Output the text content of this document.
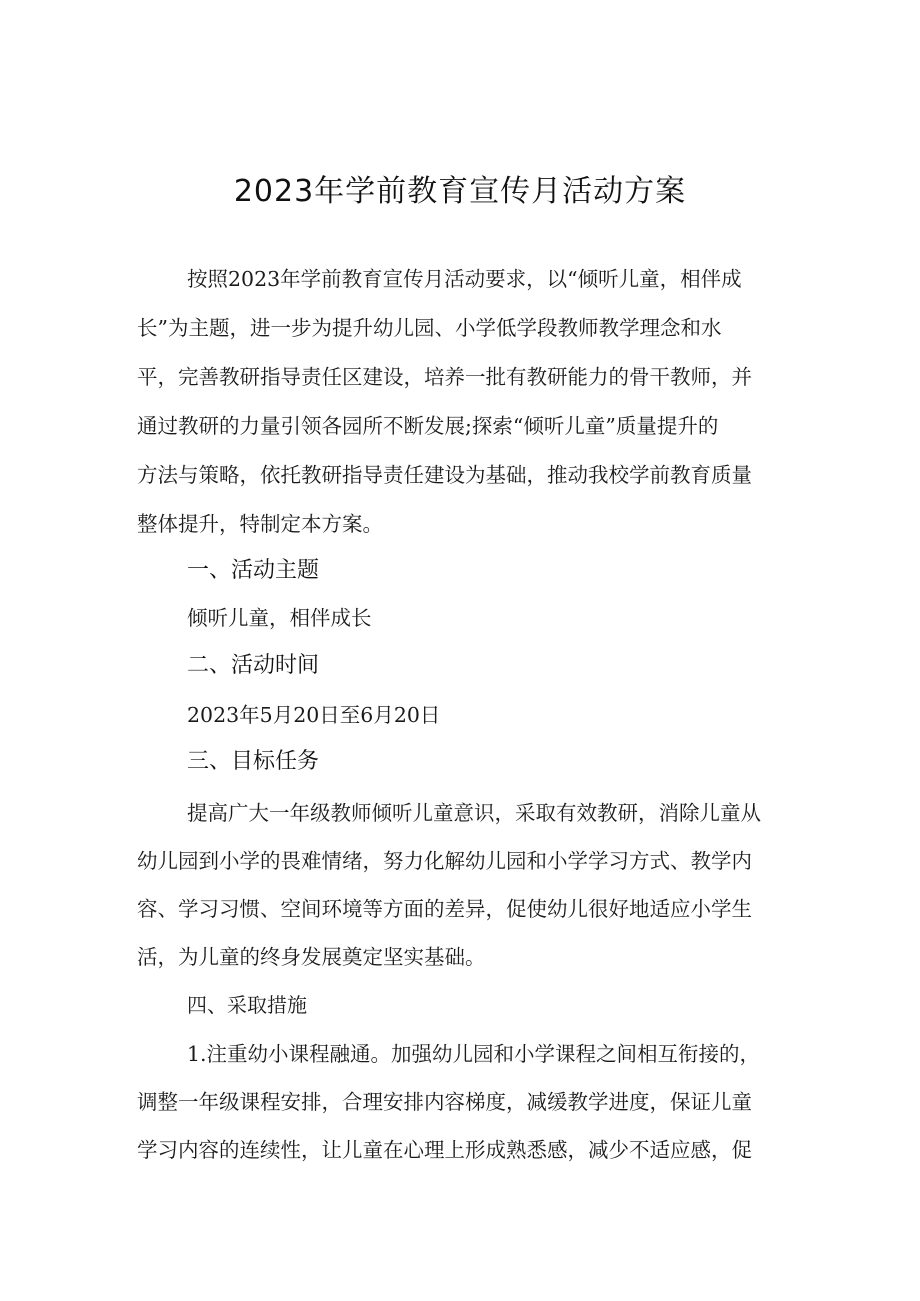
2023年学前教育宣传月活动方案
按照2023年学前教育宣传月活动要求，以“倾听儿童，相伴成
长”为主题，进一步为提升幼儿园、小学低学段教师教学理念和水
平，完善教研指导责任区建设，培养一批有教研能力的骨干教师，并
通过教研的力量引领各园所不断发展;探索“倾听儿童”质量提升的
方法与策略，依托教研指导责任建设为基础，推动我校学前教育质量
整体提升，特制定本方案。
一、活动主题
倾听儿童，相伴成长
二、活动时间
2023年5月20日至6月20日
三、目标任务
提高广大一年级教师倾听儿童意识，采取有效教研，消除儿童从
幼儿园到小学的畏难情绪，努力化解幼儿园和小学学习方式、教学内
容、学习习惯、空间环境等方面的差异，促使幼儿很好地适应小学生
活，为儿童的终身发展奠定坚实基础。
四、采取措施
1.注重幼小课程融通。加强幼儿园和小学课程之间相互衔接的，
调整一年级课程安排，合理安排内容梯度，减缓教学进度，保证儿童
学习内容的连续性，让儿童在心理上形成熟悉感，减少不适应感，促
